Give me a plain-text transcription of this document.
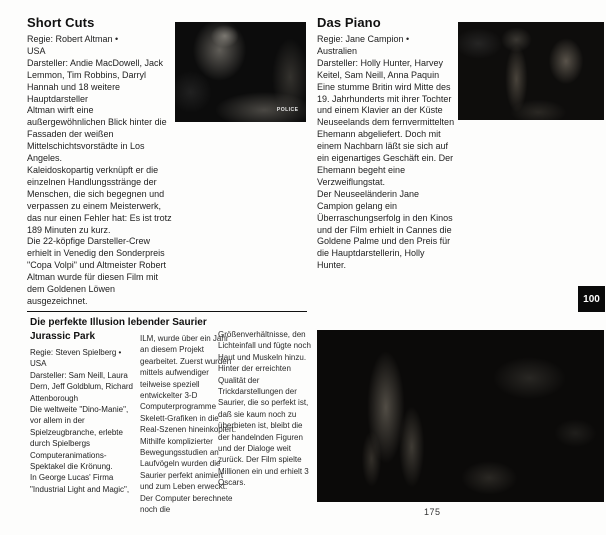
Short Cuts
Regie: Robert Altman •
USA
Darsteller: Andie MacDowell, Jack Lemmon, Tim Robbins, Darryl Hannah und 18 weitere Hauptdarsteller
Altman wirft eine außergewöhnlichen Blick hinter die Fassaden der weißen Mittelschichtsvorstädte in Los Angeles.
Kaleidoskopartig verknüpft er die einzelnen Handlungsstränge der Menschen, die sich begegnen und verpassen zu einem Meisterwerk, das nur einen Fehler hat: Es ist trotz 189 Minuten zu kurz.
Die 22-köpfige Darsteller-Crew erhielt in Venedig den Sonderpreis "Copa Volpi" und Altmeister Robert Altman wurde für diesen Film mit dem Goldenen Löwen ausgezeichnet.
POLICE
Das Piano
Regie: Jane Campion •
Australien
Darsteller: Holly Hunter, Harvey Keitel, Sam Neill, Anna Paquin
Eine stumme Britin wird Mitte des 19. Jahrhunderts mit ihrer Tochter und einem Klavier an der Küste Neuseelands dem fernvermittelten Ehemann abgeliefert. Doch mit einem Nachbarn läßt sie sich auf ein eigenartiges Geschäft ein. Der Ehemann begeht eine Verzweiflungstat.
Der Neuseeländerin Jane Campion gelang ein Überraschungserfolg in den Kinos und der Film erhielt in Cannes die Goldene Palme und den Preis für die Hauptdarstellerin, Holly Hunter.
100
Die perfekte Illusion lebender Saurier
Jurassic Park
Regie: Steven Spielberg •
USA
Darsteller: Sam Neill, Laura Dern, Jeff Goldblum, Richard Attenborough
Die weltweite "Dino-Manie", vor allem in der Spielzeugbranche, erlebte durch Spielbergs Computeranimations-Spektakel die Krönung.
In George Lucas' Firma "Industrial Light and Magic",
ILM, wurde über ein Jahr an diesem Projekt gearbeitet. Zuerst wurden mittels aufwendiger teilweise speziell entwickelter 3-D Computerprogramme Skelett-Grafiken in die Real-Szenen hineinkopiert. Mithilfe komplizierter Bewegungsstudien an Laufvögeln wurden die Saurier perfekt animiert und zum Leben erweckt. Der Computer berechnete noch die
Größenverhältnisse, den Lichteinfall und fügte noch Haut und Muskeln hinzu. Hinter der erreichten Qualität der Trickdarstellungen der Saurier, die so perfekt ist, daß sie kaum noch zu überbieten ist, bleibt die der handelnden Figuren und der Dialoge weit zurück. Der Film spielte Millionen ein und erhielt 3 Oscars.
175
